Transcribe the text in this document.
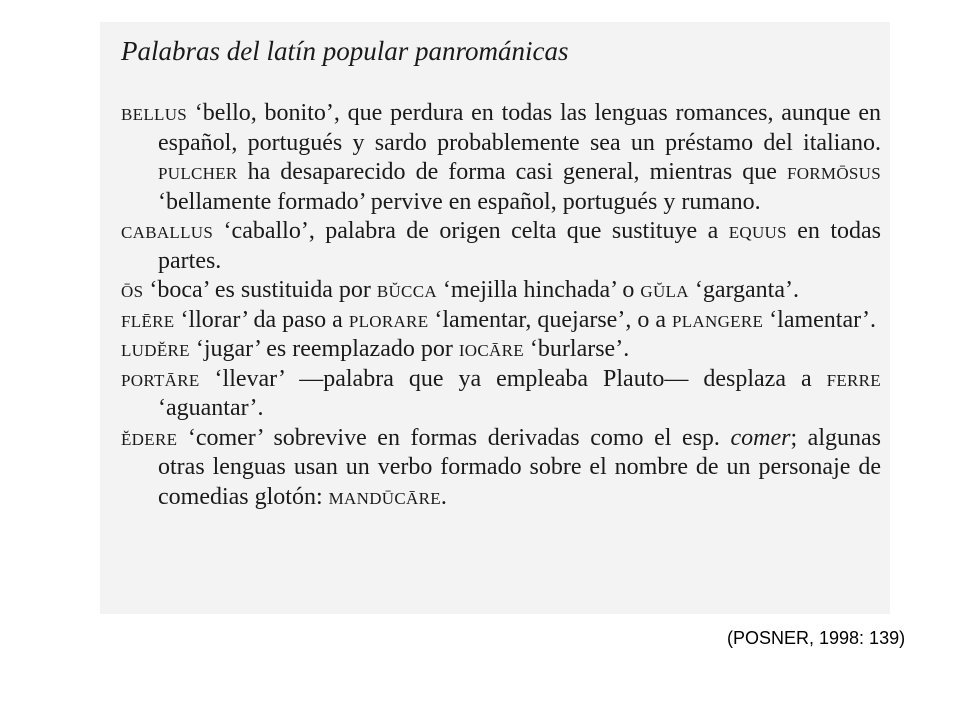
Palabras del latín popular panrománicas
bellus ‘bello, bonito’, que perdura en todas las lenguas romances, aunque en español, portugués y sardo probablemente sea un préstamo del italiano. pulcher ha desaparecido de forma casi general, mientras que formōsus ‘bellamente formado’ pervive en español, portugués y rumano.
caballus ‘caballo’, palabra de origen celta que sustituye a equus en todas partes.
ōs ‘boca’ es sustituida por bŭcca ‘mejilla hinchada’ o gŭla ‘garganta’.
flēre ‘llorar’ da paso a plorare ‘lamentar, quejarse’, o a plangere ‘lamentar’.
ludĕre ‘jugar’ es reemplazado por iocāre ‘burlarse’.
portāre ‘llevar’ —palabra que ya empleaba Plauto— desplaza a ferre ‘aguantar’.
ĕdere ‘comer’ sobrevive en formas derivadas como el esp. comer; algunas otras lenguas usan un verbo formado sobre el nombre de un personaje de comedias glotón: mandūcāre.
(POSNER, 1998: 139)
